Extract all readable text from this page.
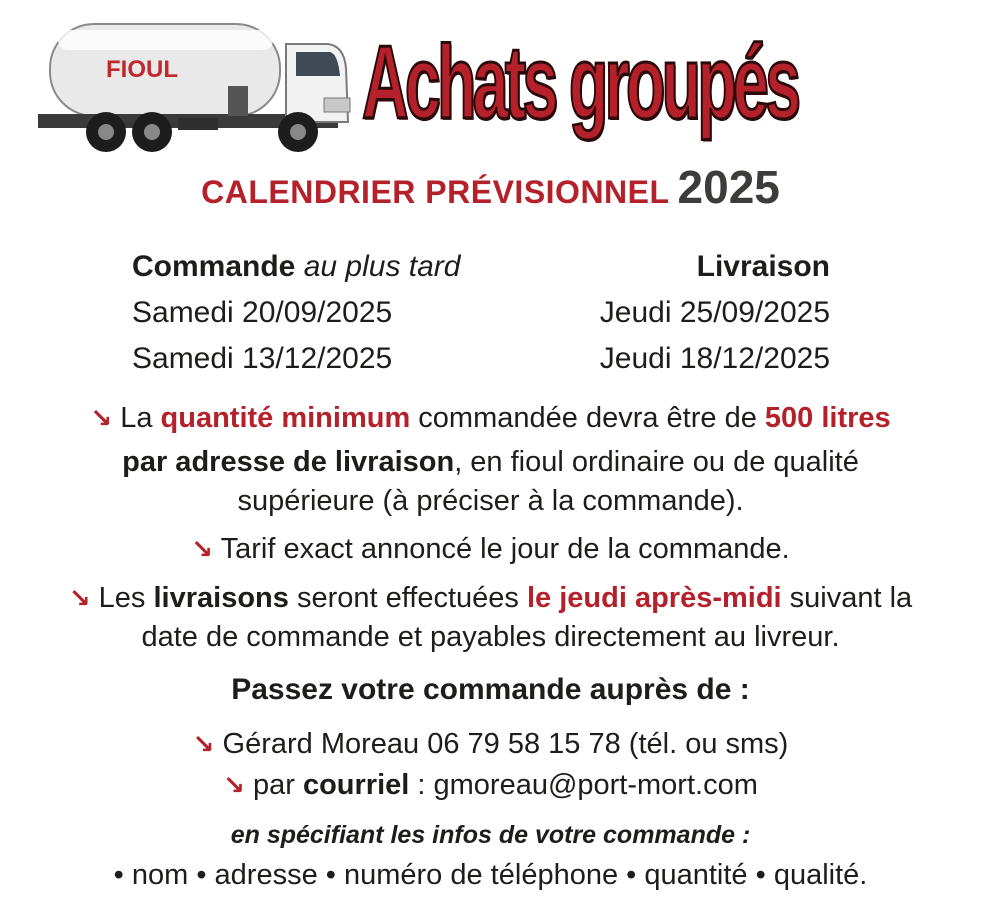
FIOUL Achats groupés
CALENDRIER PRÉVISIONNEL 2025
Commande au plus tard	Livraison
Samedi 20/09/2025	Jeudi 25/09/2025
Samedi 13/12/2025	Jeudi 18/12/2025
↘ La quantité minimum commandée devra être de 500 litres
par adresse de livraison, en fioul ordinaire ou de qualité
supérieure (à préciser à la commande).
↘ Tarif exact annoncé le jour de la commande.
↘ Les livraisons seront effectuées le jeudi après-midi suivant la
date de commande et payables directement au livreur.
Passez votre commande auprès de :
↘ Gérard Moreau 06 79 58 15 78 (tél. ou sms)
↘ par courriel : gmoreau@port-mort.com
en spécifiant les infos de votre commande :
• nom • adresse • numéro de téléphone • quantité • qualité.
